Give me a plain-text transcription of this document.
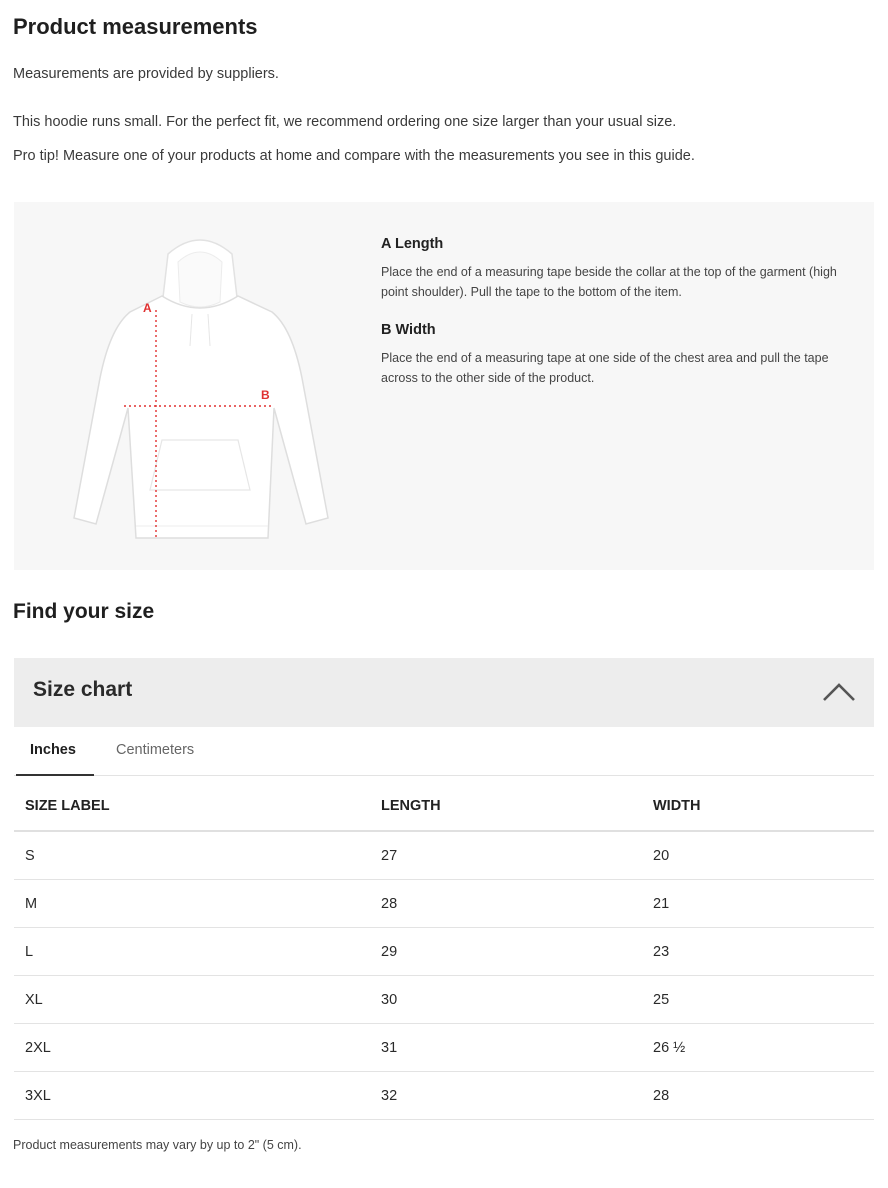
Product measurements

Measurements are provided by suppliers.

This hoodie runs small. For the perfect fit, we recommend ordering one size larger than your usual size.

Pro tip! Measure one of your products at home and compare with the measurements you see in this guide.

A
B
A Length

Place the end of a measuring tape beside the collar at the top of the garment (high point shoulder). Pull the tape to the bottom of the item.

B Width

Place the end of a measuring tape at one side of the chest area and pull the tape across to the other side of the product.

Find your size
Size chart
Inches	Centimeters
SIZE LABEL	LENGTH	WIDTH
S	27	20
M	28	21
L	29	23
XL	30	25
2XL	31	26 ½
3XL	32	28

Product measurements may vary by up to 2" (5 cm).
